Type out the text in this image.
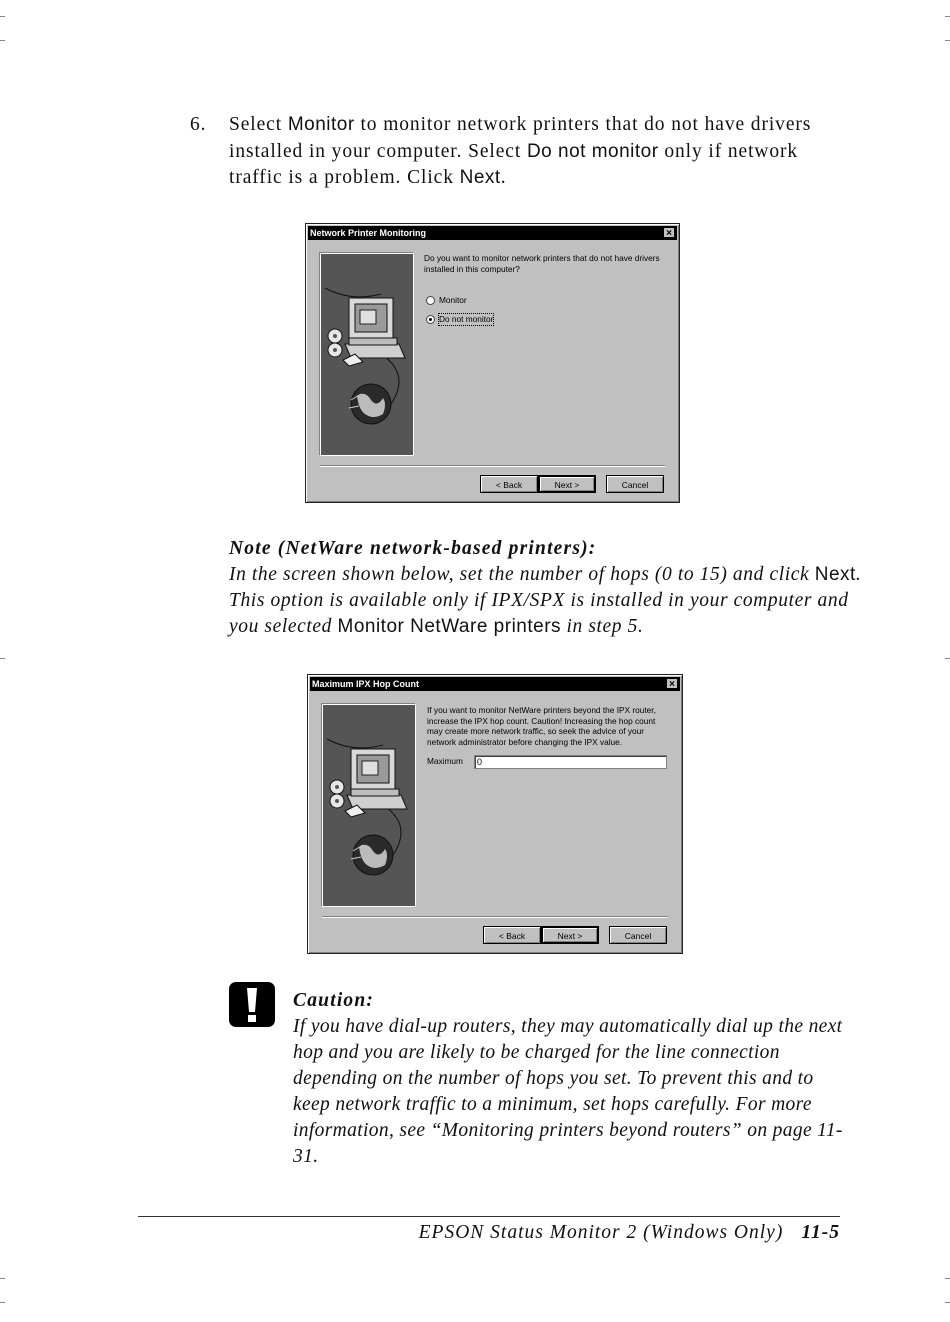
6. Select Monitor to monitor network printers that do not have drivers installed in your computer. Select Do not monitor only if network traffic is a problem. Click Next.
Network Printer Monitoring	×
Do you want to monitor network printers that do not have drivers installed in this computer?
Monitor
Do not monitor
< Back	Next >	Cancel
Note (NetWare network-based printers):
In the screen shown below, set the number of hops (0 to 15) and click Next. This option is available only if IPX/SPX is installed in your computer and you selected Monitor NetWare printers in step 5.
Maximum IPX Hop Count	×
If you want to monitor NetWare printers beyond the IPX router, increase the IPX hop count. Caution! Increasing the hop count may create more network traffic, so seek the advice of your network administrator before changing the IPX value.
Maximum	0
< Back	Next >	Cancel
Caution:
If you have dial-up routers, they may automatically dial up the next hop and you are likely to be charged for the line connection depending on the number of hops you set. To prevent this and to keep network traffic to a minimum, set hops carefully. For more information, see “Monitoring printers beyond routers” on page 11-31.
EPSON Status Monitor 2 (Windows Only) 11-5
